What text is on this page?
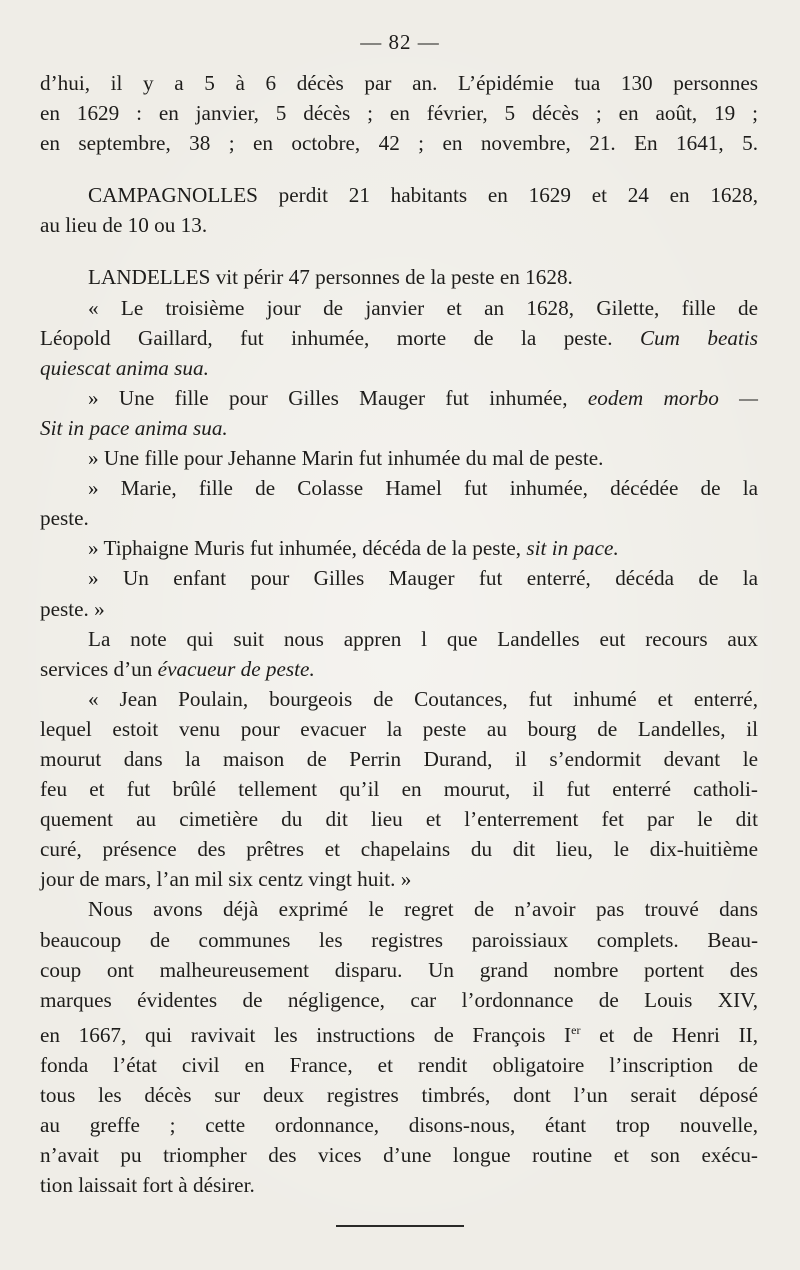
— 82 —
d’hui, il y a 5 à 6 décès par an. L’épidémie tua 130 personnes
en 1629 : en janvier, 5 décès ; en février, 5 décès ; en août, 19 ;
en septembre, 38 ; en octobre, 42 ; en novembre, 21. En 1641, 5.
CAMPAGNOLLES perdit 21 habitants en 1629 et 24 en 1628,
au lieu de 10 ou 13.
LANDELLES vit périr 47 personnes de la peste en 1628.
« Le troisième jour de janvier et an 1628, Gilette, fille de
Léopold Gaillard, fut inhumée, morte de la peste. Cum beatis
quiescat anima sua.
» Une fille pour Gilles Mauger fut inhumée, eodem morbo —
Sit in pace anima sua.
» Une fille pour Jehanne Marin fut inhumée du mal de peste.
» Marie, fille de Colasse Hamel fut inhumée, décédée de la
peste.
» Tiphaigne Muris fut inhumée, décéda de la peste, sit in pace.
» Un enfant pour Gilles Mauger fut enterré, décéda de la
peste. »
La note qui suit nous appren l que Landelles eut recours aux
services d’un évacueur de peste.
« Jean Poulain, bourgeois de Coutances, fut inhumé et enterré,
lequel estoit venu pour evacuer la peste au bourg de Landelles, il
mourut dans la maison de Perrin Durand, il s’endormit devant le
feu et fut brûlé tellement qu’il en mourut, il fut enterré catholi-
quement au cimetière du dit lieu et l’enterrement fet par le dit
curé, présence des prêtres et chapelains du dit lieu, le dix-huitième
jour de mars, l’an mil six centz vingt huit. »
Nous avons déjà exprimé le regret de n’avoir pas trouvé dans
beaucoup de communes les registres paroissiaux complets. Beau-
coup ont malheureusement disparu. Un grand nombre portent des
marques évidentes de négligence, car l’ordonnance de Louis XIV,
en 1667, qui ravivait les instructions de François Ier et de Henri II,
fonda l’état civil en France, et rendit obligatoire l’inscription de
tous les décès sur deux registres timbrés, dont l’un serait déposé
au greffe ; cette ordonnance, disons-nous, étant trop nouvelle,
n’avait pu triompher des vices d’une longue routine et son exécu-
tion laissait fort à désirer.
